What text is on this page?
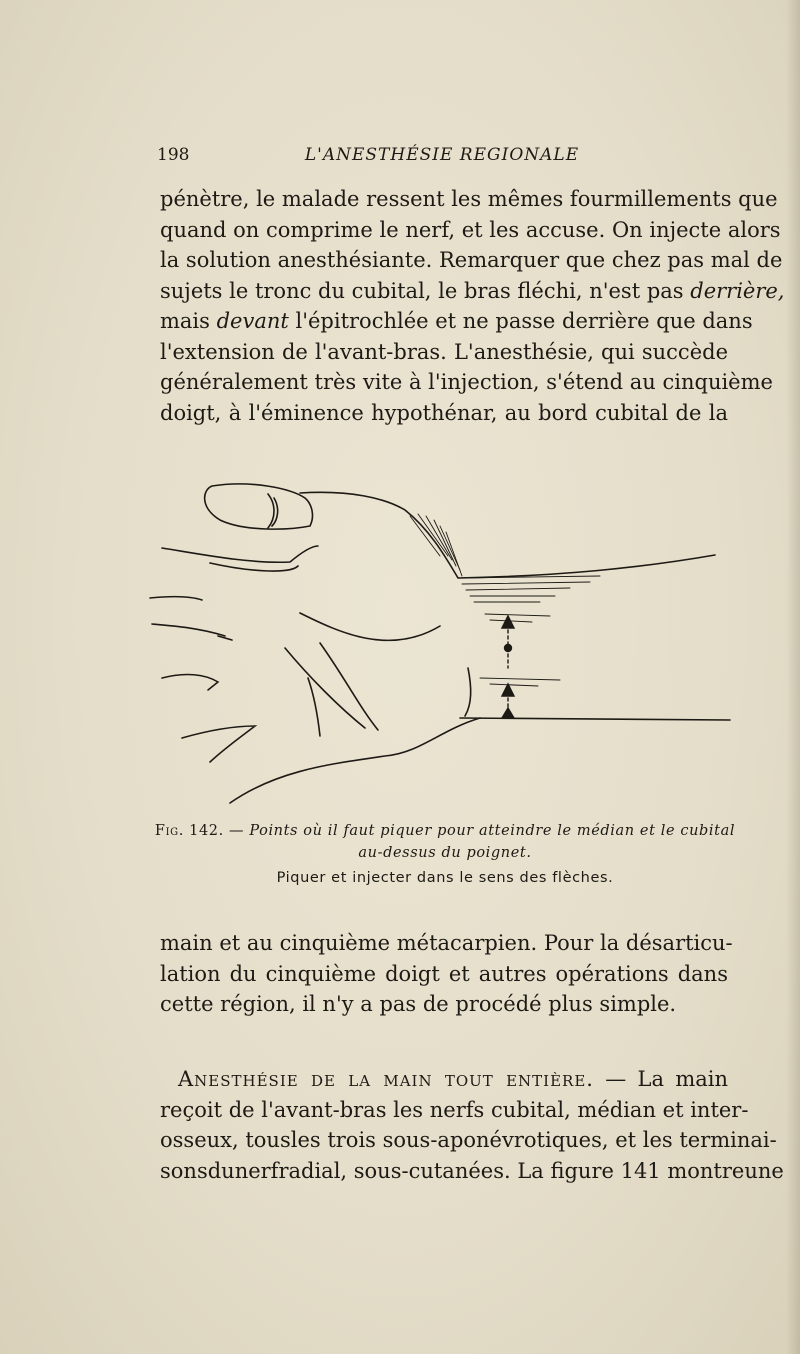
198	L'ANESTHÉSIE REGIONALE
pénètre, le malade ressent les mêmes fourmillements que
quand on comprime le nerf, et les accuse. On injecte alors
la solution anesthésiante. Remarquer que chez pas mal de
sujets le tronc du cubital, le bras fléchi, n'est pas derrière,
mais devant l'épitrochlée et ne passe derrière que dans
l'extension de l'avant-bras. L'anesthésie, qui succède
généralement très vite à l'injection, s'étend au cinquième
doigt, à l'éminence hypothénar, au bord cubital de la
Fig. 142. — Points où il faut piquer pour atteindre le médian et le cubital
au-dessus du poignet.
Piquer et injecter dans le sens des flèches.
main et au cinquième métacarpien. Pour la désarticu-
lation du cinquième doigt et autres opérations dans
cette région, il n'y a pas de procédé plus simple.
Anesthésie de la main tout entière. — La main
reçoit de l'avant-bras les nerfs cubital, médian et inter-
osseux, tousles trois sous-aponévrotiques, et les terminai-
sonsdunerfradial, sous-cutanées. La figure 141 montreune
